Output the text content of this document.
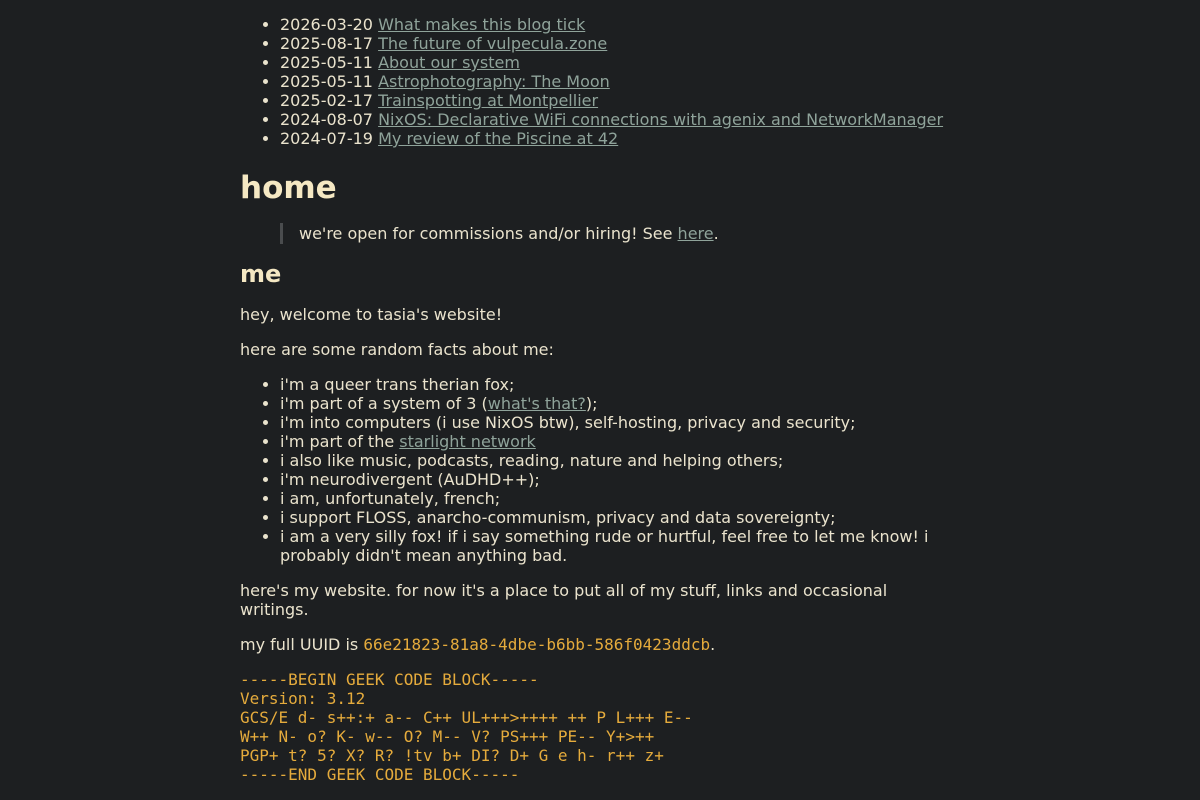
• 2026-03-20 What makes this blog tick
• 2025-08-17 The future of vulpecula.zone
• 2025-05-11 About our system
• 2025-05-11 Astrophotography: The Moon
• 2025-02-17 Trainspotting at Montpellier
• 2024-08-07 NixOS: Declarative WiFi connections with agenix and NetworkManager
• 2024-07-19 My review of the Piscine at 42
home
we're open for commissions and/or hiring! See here.
me

hey, welcome to tasia's website!

here are some random facts about me:

• i'm a queer trans therian fox;
• i'm part of a system of 3 (what's that?);
• i'm into computers (i use NixOS btw), self-hosting, privacy and security;
• i'm part of the starlight network
• i also like music, podcasts, reading, nature and helping others;
• i'm neurodivergent (AuDHD++);
• i am, unfortunately, french;
• i support FLOSS, anarcho-communism, privacy and data sovereignty;
• i am a very silly fox! if i say something rude or hurtful, feel free to let me know! i probably didn't mean anything bad.

here's my website. for now it's a place to put all of my stuff, links and occasional writings.

my full UUID is 66e21823-81a8-4dbe-b6bb-586f0423ddcb.

-----BEGIN GEEK CODE BLOCK-----
Version: 3.12
GCS/E d- s++:+ a-- C++ UL+++>++++ ++ P L+++ E--
W++ N- o? K- w-- O? M-- V? PS+++ PE-- Y+>++
PGP+ t? 5? X? R? !tv b+ DI? D+ G e h- r++ z+
-----END GEEK CODE BLOCK-----
